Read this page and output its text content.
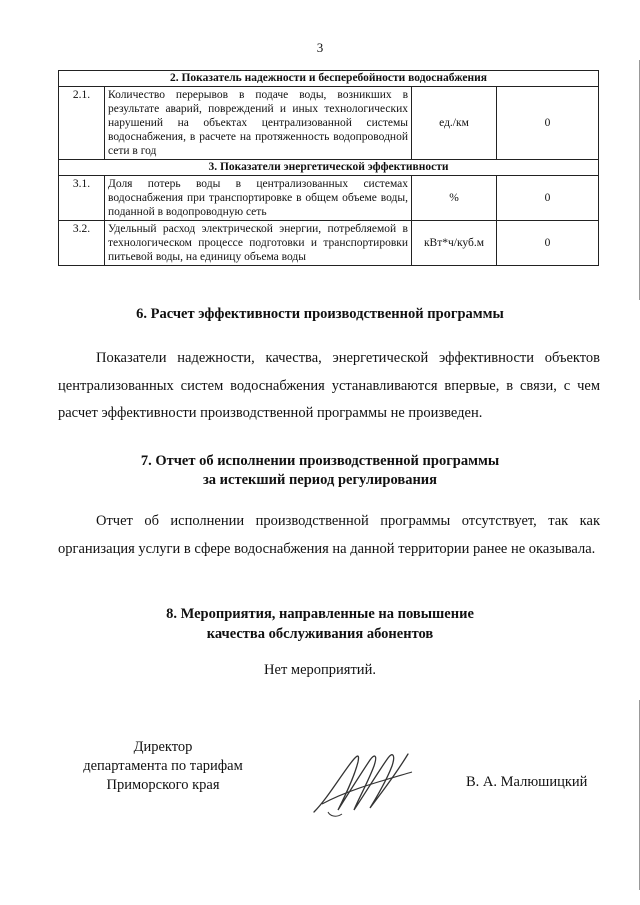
3
2. Показатель надежности и бесперебойности водоснабжения			
2.1.	Количество перерывов в подаче воды, возникших в результате аварий, повреждений и иных технологических нарушений на объектах централизованной системы водоснабжения, в расчете на протяженность водопроводной сети в год	ед./км	0
3. Показатели энергетической эффективности			
3.1.	Доля потерь воды в централизованных системах водоснабжения при транспортировке в общем объеме воды, поданной в водопроводную сеть	%	0
3.2.	Удельный расход электрической энергии, потребляемой в технологическом процессе подготовки и транспортировки питьевой воды, на единицу объема воды	кВт*ч/куб.м	0
6. Расчет эффективности производственной программы

Показатели надежности, качества, энергетической эффективности объектов централизованных систем водоснабжения устанавливаются впервые, в связи, с чем расчет эффективности производственной программы не произведен.

7. Отчет об исполнении производственной программы
за истекший период регулирования

Отчет об исполнении производственной программы отсутствует, так как организация услуги в сфере водоснабжения на данной территории ранее не оказывала.

8. Мероприятия, направленные на повышение
качества обслуживания абонентов
Нет мероприятий.
Директор
департамента по тарифам
Приморского края	В. А. Малюшицкий
